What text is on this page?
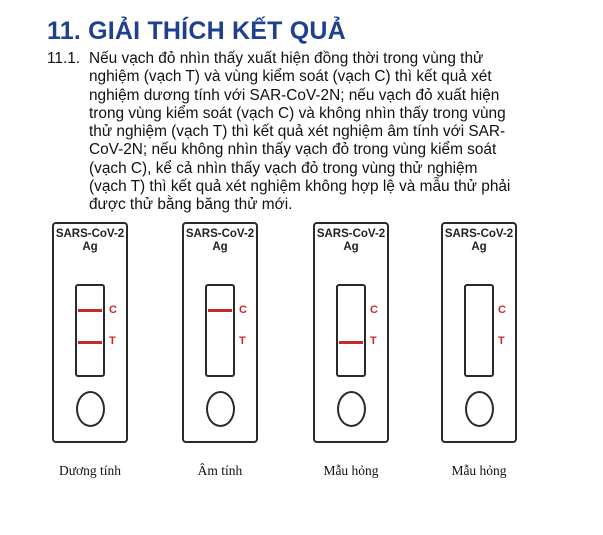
11. GIẢI THÍCH KẾT QUẢ
11.1. Nếu vạch đỏ nhìn thấy xuất hiện đồng thời trong vùng thử
nghiệm (vạch T) và vùng kiểm soát (vạch C) thì kết quả xét
nghiệm dương tính với SAR-CoV-2N; nếu vạch đỏ xuất hiện
trong vùng kiểm soát (vạch C) và không nhìn thấy trong vùng
thử nghiệm (vạch T) thì kết quả xét nghiệm âm tính với SAR-
CoV-2N; nếu không nhìn thấy vạch đỏ trong vùng kiểm soát
(vạch C), kể cả nhìn thấy vạch đỏ trong vùng thử nghiệm
(vạch T) thì kết quả xét nghiệm không hợp lệ và mẫu thử phải
được thử bằng băng thử mới.
SARS-CoV-2
Ag
C
T
SARS-CoV-2
Ag
C
T
SARS-CoV-2
Ag
C
T
SARS-CoV-2
Ag
C
T
Dương tính	Âm tính	Mẫu hỏng	Mẫu hỏng
